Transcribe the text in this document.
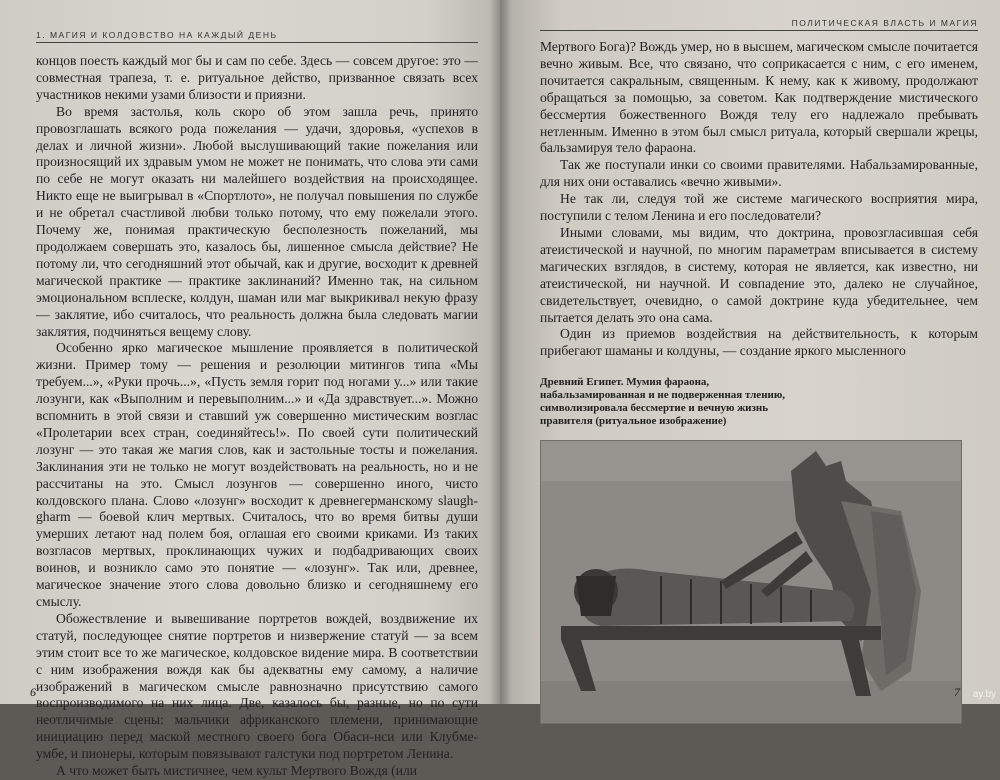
1. МАГИЯ И КОЛДОВСТВО НА КАЖДЫЙ ДЕНЬ

концов поесть каждый мог бы и сам по себе. Здесь — совсем другое: это — совместная трапеза, т. е. ритуальное действо, призванное связать всех участников некими узами близости и приязни.

Во время застолья, коль скоро об этом зашла речь, принято провозглашать всякого рода пожелания — удачи, здоровья, «успехов в делах и личной жизни». Любой выслушивающий такие пожелания или произносящий их здравым умом не может не понимать, что слова эти сами по себе не могут оказать ни малейшего воздействия на происходящее. Никто еще не выигрывал в «Спортлото», не получал повышения по службе и не обретал счастливой любви только потому, что ему пожелали этого. Почему же, понимая практическую бесполезность пожеланий, мы продолжаем совершать это, казалось бы, лишенное смысла действие? Не потому ли, что сегодняшний этот обычай, как и другие, восходит к древней магической практике — практике заклинаний? Именно так, на сильном эмоциональном всплеске, колдун, шаман или маг выкрикивал некую фразу — заклятие, ибо считалось, что реальность должна была следовать магии заклятия, подчиняться вещему слову.

Особенно ярко магическое мышление проявляется в политической жизни. Пример тому — решения и резолюции митингов типа «Мы требуем...», «Руки прочь...», «Пусть земля горит под ногами у...» или такие лозунги, как «Выполним и перевыполним...» и «Да здравствует...». Можно вспомнить в этой связи и ставший уж совершенно мистическим возглас «Пролетарии всех стран, соединяйтесь!». По своей сути политический лозунг — это такая же магия слов, как и застольные тосты и пожелания. Заклинания эти не только не могут воздействовать на реальность, но и не рассчитаны на это. Смысл лозунгов — совершенно иного, чисто колдовского плана. Слово «лозунг» восходит к древнегерманскому slaugh-gharm — боевой клич мертвых. Считалось, что во время битвы души умерших летают над полем боя, оглашая его своими криками. Из таких возгласов мертвых, проклинающих чужих и подбадривающих своих воинов, и возникло само это понятие — «лозунг». Так или, древнее, магическое значение этого слова довольно близко и сегодняшнему его смыслу.

Обожествление и вывешивание портретов вождей, воздвижение их статуй, последующее снятие портретов и низвержение статуй — за всем этим стоит все то же магическое, колдовское видение мира. В соответствии с ним изображения вождя как бы адекватны ему самому, а наличие изображений в магическом смысле равнозначно присутствию самого воспроизводимого на них лица. Две, казалось бы, разные, но по сути неотличимые сцены: мальчики африканского племени, принимающие инициацию перед маской местного своего бога Обаси-нси или Клубме-умбе, и пионеры, которым повязывают галстуки под портретом Ленина.

А что может быть мистичнее, чем культ Мертвого Вождя (или

6
ПОЛИТИЧЕСКАЯ ВЛАСТЬ И МАГИЯ

Мертвого Бога)? Вождь умер, но в высшем, магическом смысле почитается вечно живым. Все, что связано, что соприкасается с ним, с его именем, почитается сакральным, священным. К нему, как к живому, продолжают обращаться за помощью, за советом. Как подтверждение мистического бессмертия божественного Вождя телу его надлежало пребывать нетленным. Именно в этом был смысл ритуала, который свершали жрецы, бальзамируя тело фараона.

Так же поступали инки со своими правителями. Набальзамированные, для них они оставались «вечно живыми».

Не так ли, следуя той же системе магического восприятия мира, поступили с телом Ленина и его последователи?

Иными словами, мы видим, что доктрина, провозгласившая себя атеистической и научной, по многим параметрам вписывается в систему магических взглядов, в систему, которая не является, как известно, ни атеистической, ни научной. И совпадение это, далеко не случайное, свидетельствует, очевидно, о самой доктрине куда убедительнее, чем пытается делать это она сама.

Один из приемов воздействия на действительность, к которым прибегают шаманы и колдуны, — создание яркого мысленного

Древний Египет. Мумия фараона, набальзамированная и не подверженная тлению, символизировала бессмертие и вечную жизнь правителя (ритуальное изображение)
7 ay.by
